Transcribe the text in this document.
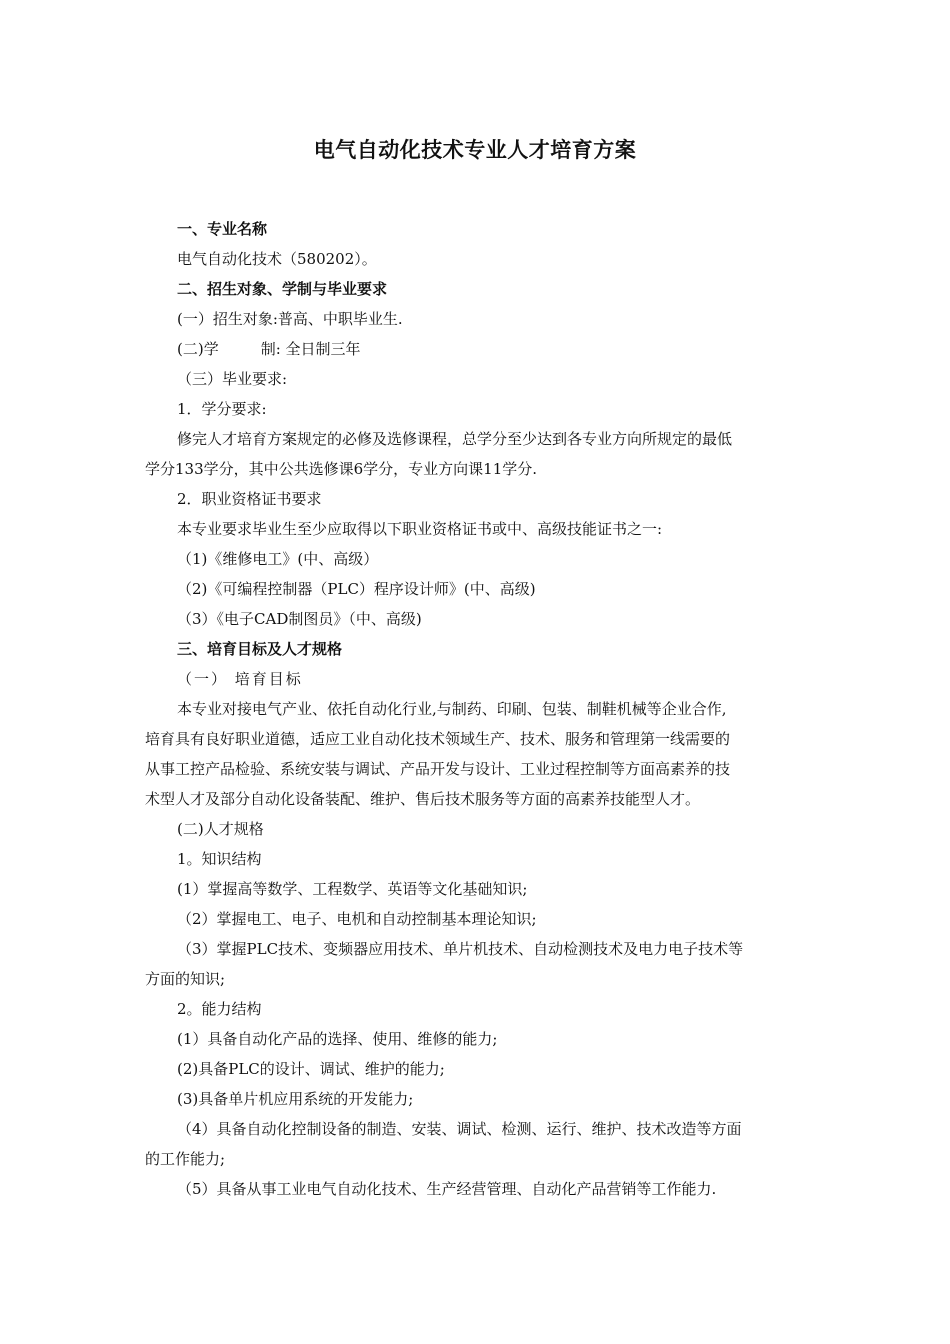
电气自动化技术专业人才培育方案

一、专业名称

电气自动化技术（580202）。

二、招生对象、学制与毕业要求

(一）招生对象:普高、中职毕业生.

(二)学	制: 全日制三年

（三）毕业要求:

1．学分要求:

修完人才培育方案规定的必修及选修课程，总学分至少达到各专业方向所规定的最低

学分133学分，其中公共选修课6学分，专业方向课11学分.

2．职业资格证书要求

本专业要求毕业生至少应取得以下职业资格证书或中、高级技能证书之一:

（1)《维修电工》(中、高级）

（2)《可编程控制器（PLC）程序设计师》(中、高级)

（3）《电子CAD制图员》（中、高级)

三、培育目标及人才规格

（一） 培育目标

本专业对接电气产业、依托自动化行业,与制药、印刷、包装、制鞋机械等企业合作,

培育具有良好职业道德，适应工业自动化技术领域生产、技术、服务和管理第一线需要的

从事工控产品检验、系统安装与调试、产品开发与设计、工业过程控制等方面高素养的技

术型人才及部分自动化设备装配、维护、售后技术服务等方面的高素养技能型人才。

(二)人才规格

1。知识结构

(1）掌握高等数学、工程数学、英语等文化基础知识;

（2）掌握电工、电子、电机和自动控制基本理论知识;

（3）掌握PLC技术、变频器应用技术、单片机技术、自动检测技术及电力电子技术等

方面的知识;

2。能力结构

(1）具备自动化产品的选择、使用、维修的能力;

(2)具备PLC的设计、调试、维护的能力;

(3)具备单片机应用系统的开发能力;

（4）具备自动化控制设备的制造、安装、调试、检测、运行、维护、技术改造等方面

的工作能力;

（5）具备从事工业电气自动化技术、生产经营管理、自动化产品营销等工作能力.
